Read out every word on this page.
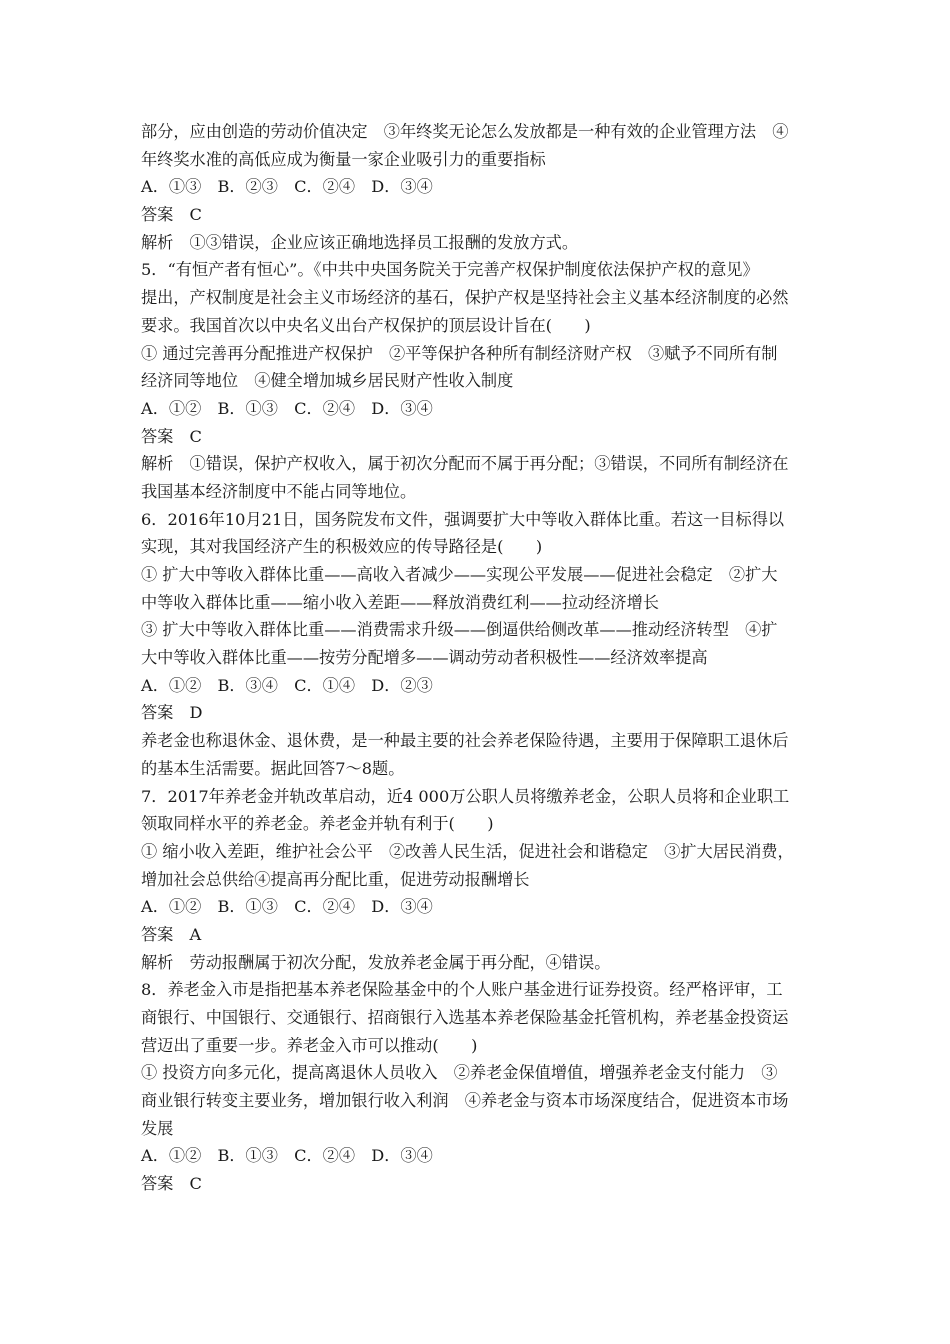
部分，应由创造的劳动价值决定　③年终奖无论怎么发放都是一种有效的企业管理方法　④
年终奖水准的高低应成为衡量一家企业吸引力的重要指标
A．①③　B．②③　C．②④　D．③④
答案　C
解析　①③错误，企业应该正确地选择员工报酬的发放方式。
5．“有恒产者有恒心”。《中共中央国务院关于完善产权保护制度依法保护产权的意见》
提出，产权制度是社会主义市场经济的基石，保护产权是坚持社会主义基本经济制度的必然
要求。我国首次以中央名义出台产权保护的顶层设计旨在(　　)
① 通过完善再分配推进产权保护　②平等保护各种所有制经济财产权　③赋予不同所有制
经济同等地位　④健全增加城乡居民财产性收入制度
A．①②　B．①③　C．②④　D．③④
答案　C
解析　①错误，保护产权收入，属于初次分配而不属于再分配；③错误，不同所有制经济在
我国基本经济制度中不能占同等地位。
6．2016年10月21日，国务院发布文件，强调要扩大中等收入群体比重。若这一目标得以
实现，其对我国经济产生的积极效应的传导路径是(　　)
① 扩大中等收入群体比重——高收入者减少——实现公平发展——促进社会稳定　②扩大
中等收入群体比重——缩小收入差距——释放消费红利——拉动经济增长
③ 扩大中等收入群体比重——消费需求升级——倒逼供给侧改革——推动经济转型　④扩
大中等收入群体比重——按劳分配增多——调动劳动者积极性——经济效率提高
A．①②　B．③④　C．①④　D．②③
答案　D
养老金也称退休金、退休费，是一种最主要的社会养老保险待遇，主要用于保障职工退休后
的基本生活需要。据此回答7～8题。
7．2017年养老金并轨改革启动，近4 000万公职人员将缴养老金，公职人员将和企业职工
领取同样水平的养老金。养老金并轨有利于(　　)
① 缩小收入差距，维护社会公平　②改善人民生活，促进社会和谐稳定　③扩大居民消费，
增加社会总供给④提高再分配比重，促进劳动报酬增长
A．①②　B．①③　C．②④　D．③④
答案　A
解析　劳动报酬属于初次分配，发放养老金属于再分配，④错误。
8．养老金入市是指把基本养老保险基金中的个人账户基金进行证券投资。经严格评审，工
商银行、中国银行、交通银行、招商银行入选基本养老保险基金托管机构，养老基金投资运
营迈出了重要一步。养老金入市可以推动(　　)
① 投资方向多元化，提高离退休人员收入　②养老金保值增值，增强养老金支付能力　③
商业银行转变主要业务，增加银行收入利润　④养老金与资本市场深度结合，促进资本市场
发展
A．①②　B．①③　C．②④　D．③④
答案　C
